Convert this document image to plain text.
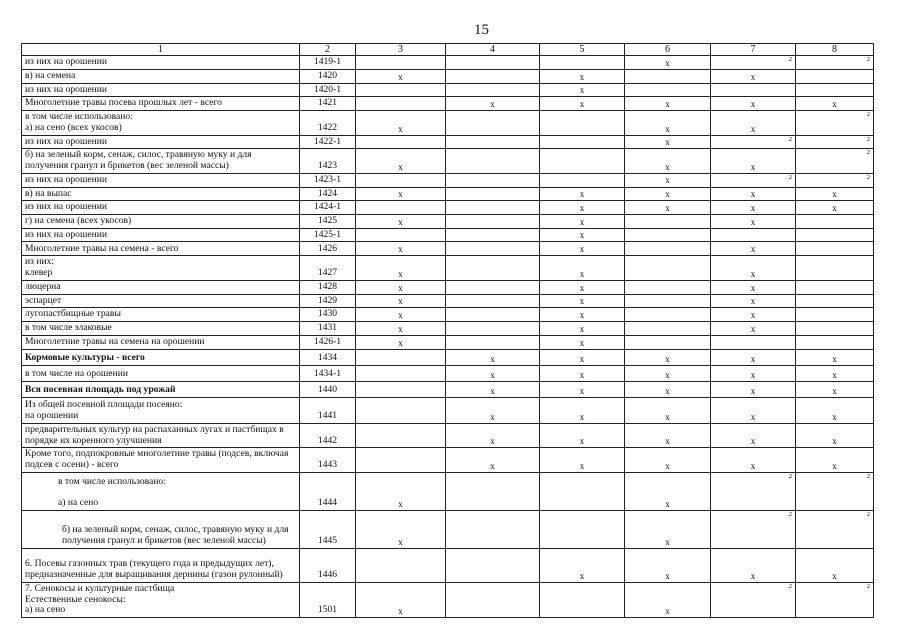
15
1	2	3	4	5	6	7	8
из них на орошении	1419-1				x	2	2

в) на семена	1420	x		x		x	
из них на орошении	1420-1			x			
Многолетние травы посева прошлых лет - всего	1421		x	x	x	x	x
в том числе использовано:
а) на сено (всех укосов)	1422	x			x	x	2

из них на орошении	1422-1				x	2	2

б) на зеленый корм, сенаж, силос, травяную муку и для получения гранул и брикетов (вес зеленой массы)	1423	x			x	x	2

из них на орошении	1423-1				x	2	2

в) на выпас	1424	x		x	x	x	x
из них на орошении	1424-1			x	x	x	x
г) на семена (всех укосов)	1425	x		x		x	
из них на орошении	1425-1			x			
Многолетние травы на семена - всего	1426	x		x		x	
из них:
клевер	1427	x		x		x	
люцерна	1428	x		x		x	
эспарцет	1429	x		x		x	
лугопастбищные травы	1430	x		x		x	
в том числе злаковые	1431	x		x		x	
Многолетние травы на семена на орошении	1426-1	x		x			
Кормовые культуры - всего	1434		x	x	x	x	x
в том числе на орошении	1434-1		x	x	x	x	x
Вся посевная площадь под урожай	1440		x	x	x	x	x
Из общей посевной площади посеяно:
на орошении	1441		x	x	x	x	x
предварительных культур на распаханных лугах и пастбищах в порядке их коренного улучшения	1442		x	x	x	x	x
Кроме того, подпокровные многолетние травы (подсев, включая подсев с осени) - всего	1443		x	x	x	x	x
в том числе использовано:

а) на сено	1444	x			x	2	2

б) на зеленый корм, сенаж, силос, травяную муку и для получения гранул и брикетов (вес зеленой массы)	1445	x			x	2	2

6. Посевы газонных трав (текущего года и предыдущих лет), предназначенные для выращивания дернины (газон рулонный)	1446			x	x	x	x
7. Сенокосы и культурные пастбища
Естественные сенокосы:
а) на сено	1501	x			x	2	2
